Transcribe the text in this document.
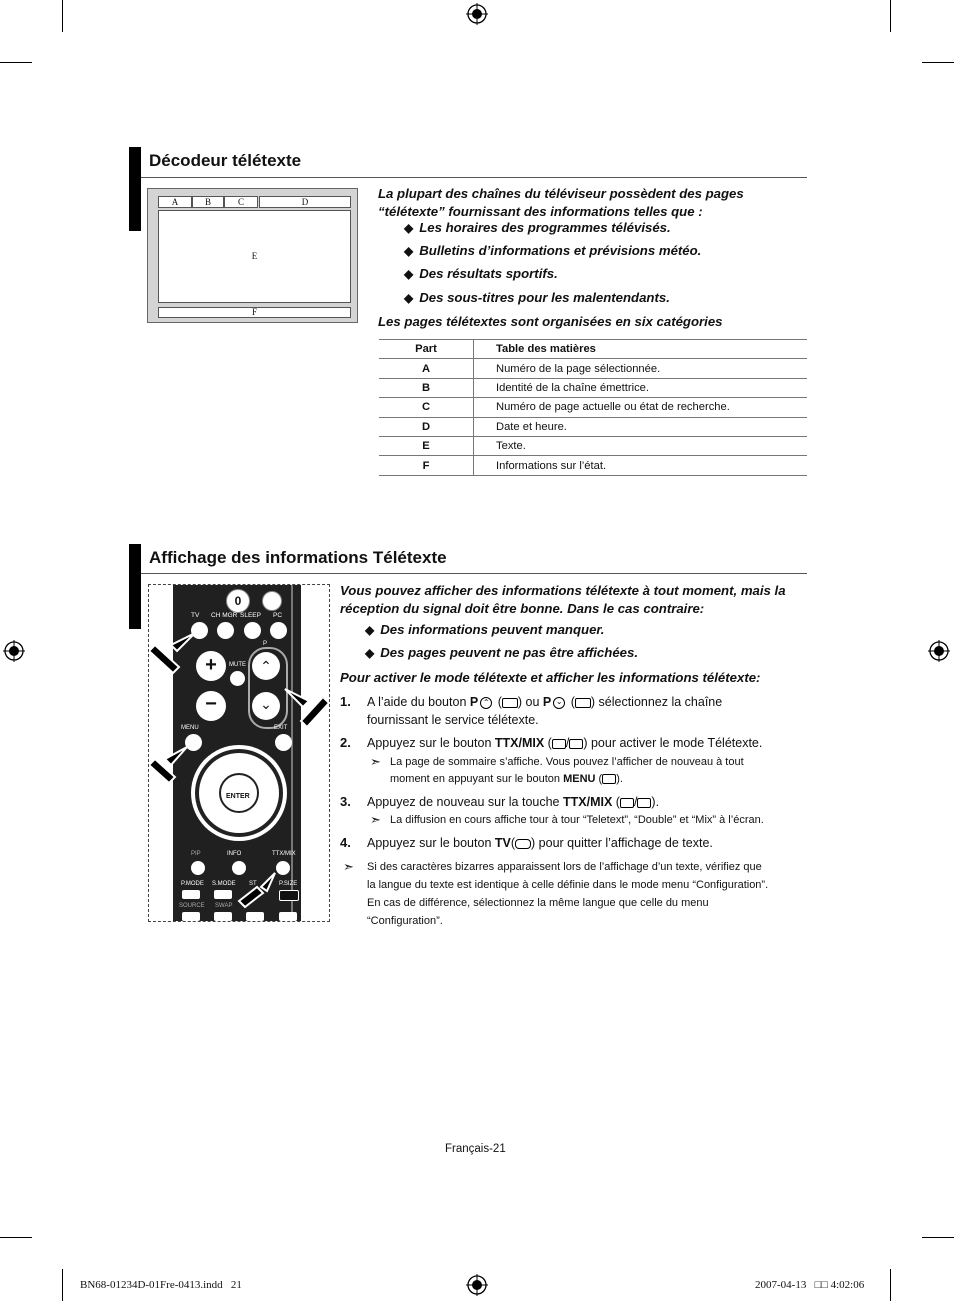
Décodeur télétexte
A	B	C	D
E
F
La plupart des chaînes du téléviseur possèdent des pages “télétexte” fournissant des informations telles que :
◆ Les horaires des programmes télévisés.
◆ Bulletins d’informations et prévisions météo.
◆ Des résultats sportifs.
◆ Des sous-titres pour les malentendants.
Les pages télétextes sont organisées en six catégories
Part	Table des matières
A	Numéro de la page sélectionnée.
B	Identité de la chaîne émettrice.
C	Numéro de page actuelle ou état de recherche.
D	Date et heure.
E	Texte.
F	Informations sur l’état.
Affichage des informations Télétexte
0
TV CH MGR SLEEP PC
+
−
MUTE	⌃
⌄
P
MENU	EXIT
ENTER
PIP	INFO	TTX/MIX
P.MODE S.MODE ST	P.SIZE
SOURCE SWAP
Vous pouvez afficher des informations télétexte à tout moment, mais la réception du signal doit être bonne. Dans le cas contraire:
◆ Des informations peuvent manquer.
◆ Des pages peuvent ne pas être affichées.
Pour activer le mode télétexte et afficher les informations télétexte:
1. A l’aide du bouton P ⌃ ( ) ou P ⌄ ( ) sélectionnez la chaîne
fournissant le service télétexte.
2. Appuyez sur le bouton TTX/MIX ( / ) pour activer le mode Télétexte.
➣ La page de sommaire s’affiche. Vous pouvez l’afficher de nouveau à tout
moment en appuyant sur le bouton MENU ( ).
3. Appuyez de nouveau sur la touche TTX/MIX ( / ).
➣ La diffusion en cours affiche tour à tour “Teletext”, “Double” et “Mix” à l’écran.
4. Appuyez sur le bouton TV( ) pour quitter l’affichage de texte.
➣ Si des caractères bizarres apparaissent lors de l’affichage d’un texte, vérifiez que
la langue du texte est identique à celle définie dans le mode menu “Configuration”.
En cas de différence, sélectionnez la même langue que celle du menu
“Configuration”.
Français-21
BN68-01234D-01Fre-0413.indd   21	2007-04-13   □□ 4:02:06
